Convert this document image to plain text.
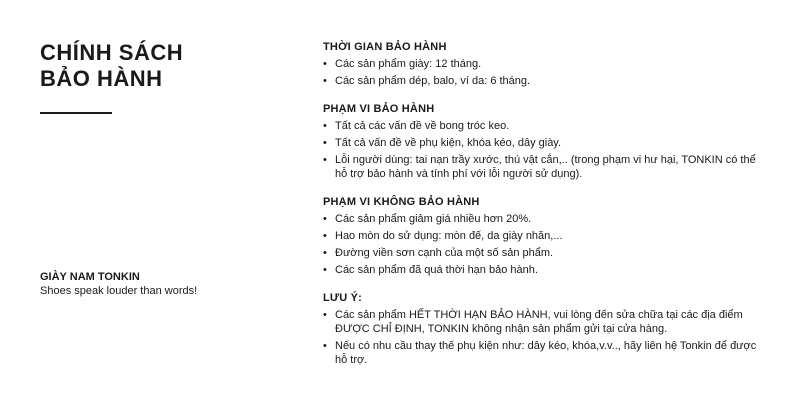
CHÍNH SÁCH
BẢO HÀNH
GIÀY NAM TONKIN
Shoes speak louder than words!
THỜI GIAN BẢO HÀNH
• Các sản phẩm giày: 12 tháng.
• Các sản phẩm dép, balo, ví da: 6 tháng.
PHẠM VI BẢO HÀNH
• Tất cả các vấn đề về bong tróc keo.
• Tất cả vấn đề về phụ kiện, khóa kéo, dây giày.
• Lỗi người dùng: tai nạn trầy xước, thú vật cắn,.. (trong phạm vi hư hại, TONKIN có thể hỗ trợ bảo hành và tính phí với lỗi người sử dụng).
PHẠM VI KHÔNG BẢO HÀNH
• Các sản phẩm giảm giá nhiều hơn 20%.
• Hao mòn do sử dụng: mòn đế, da giày nhăn,...
• Đường viền sơn cạnh của một số sản phẩm.
• Các sản phẩm đã quá thời hạn bảo hành.
LƯU Ý:
• Các sản phẩm HẾT THỜI HẠN BẢO HÀNH, vui lòng đến sửa chữa tại các địa điểm ĐƯỢC CHỈ ĐỊNH, TONKIN không nhận sản phẩm gửi tại cửa hàng.
• Nếu có nhu cầu thay thế phụ kiện như: dây kéo, khóa,v.v.., hãy liên hệ Tonkin để được hỗ trợ.
